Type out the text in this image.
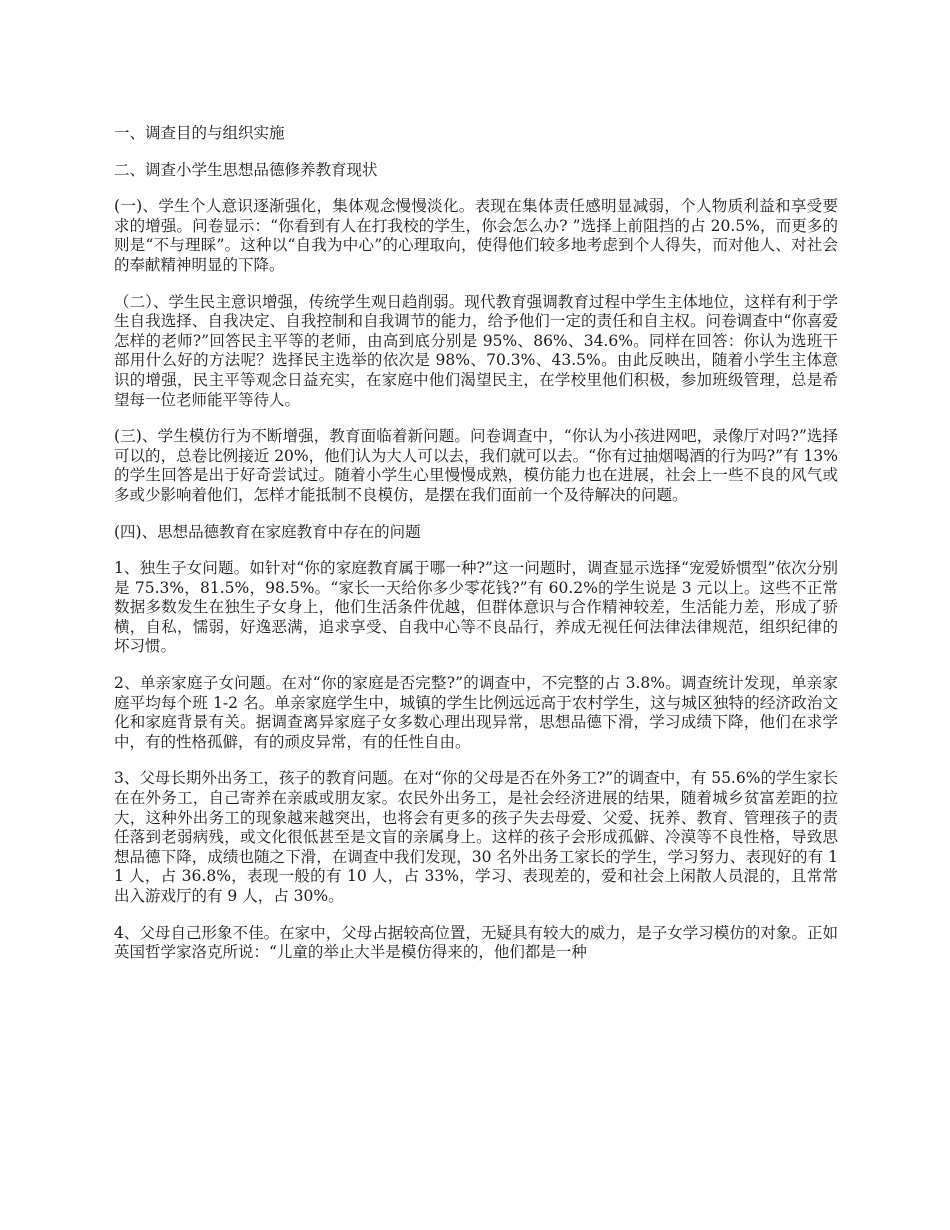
一、调查目的与组织实施

二、调查小学生思想品德修养教育现状

(一)、学生个人意识逐渐强化，集体观念慢慢淡化。表现在集体责任感明显减弱，个人物质利益和享受要求的增强。问卷显示：“你看到有人在打我校的学生，你会怎么办? ”选择上前阻挡的占 20.5%，而更多的则是“不与理睬”。这种以“自我为中心”的心理取向，使得他们较多地考虑到个人得失，而对他人、对社会的奉献精神明显的下降。

（二）、学生民主意识增强，传统学生观日趋削弱。现代教育强调教育过程中学生主体地位，这样有利于学生自我选择、自我决定、自我控制和自我调节的能力，给予他们一定的责任和自主权。问卷调查中“你喜爱怎样的老师?”回答民主平等的老师，由高到底分别是 95%、86%、34.6%。同样在回答：你认为选班干部用什么好的方法呢？选择民主选举的依次是 98%、70.3%、43.5%。由此反映出，随着小学生主体意识的增强，民主平等观念日益充实，在家庭中他们渴望民主，在学校里他们积极，参加班级管理，总是希望每一位老师能平等待人。

(三)、学生模仿行为不断增强，教育面临着新问题。问卷调查中，“你认为小孩进网吧，录像厅对吗?”选择可以的，总卷比例接近 20%，他们认为大人可以去，我们就可以去。“你有过抽烟喝酒的行为吗?”有 13%的学生回答是出于好奇尝试过。随着小学生心里慢慢成熟，模仿能力也在进展，社会上一些不良的风气或多或少影响着他们，怎样才能抵制不良模仿，是摆在我们面前一个及待解决的问题。

(四)、思想品德教育在家庭教育中存在的问题

1、独生子女问题。如针对“你的家庭教育属于哪一种?”这一问题时，调查显示选择“宠爱娇惯型”依次分别是 75.3%，81.5%，98.5%。“家长一天给你多少零花钱?”有 60.2%的学生说是 3 元以上。这些不正常数据多数发生在独生子女身上，他们生活条件优越，但群体意识与合作精神较差，生活能力差，形成了骄横，自私，懦弱，好逸恶满，追求享受、自我中心等不良品行，养成无视任何法律法律规范，组织纪律的坏习惯。

2、单亲家庭子女问题。在对“你的家庭是否完整?”的调查中，不完整的占 3.8%。调查统计发现，单亲家庭平均每个班 1-2 名。单亲家庭学生中，城镇的学生比例远远高于农村学生，这与城区独特的经济政治文化和家庭背景有关。据调查离异家庭子女多数心理出现异常，思想品德下滑，学习成绩下降，他们在求学中，有的性格孤僻，有的顽皮异常，有的任性自由。

3、父母长期外出务工，孩子的教育问题。在对“你的父母是否在外务工?”的调查中，有 55.6%的学生家长在在外务工，自己寄养在亲戚或朋友家。农民外出务工，是社会经济进展的结果，随着城乡贫富差距的拉大，这种外出务工的现象越来越突出，也将会有更多的孩子失去母爱、父爱、抚养、教育、管理孩子的责任落到老弱病残，或文化很低甚至是文盲的亲属身上。这样的孩子会形成孤僻、冷漠等不良性格，导致思想品德下降，成绩也随之下滑，在调查中我们发现，30 名外出务工家长的学生，学习努力、表现好的有 11 人，占 36.8%，表现一般的有 10 人，占 33%，学习、表现差的，爱和社会上闲散人员混的，且常常出入游戏厅的有 9 人，占 30%。

4、父母自己形象不佳。在家中，父母占据较高位置，无疑具有较大的威力，是子女学习模仿的对象。正如英国哲学家洛克所说：“儿童的举止大半是模仿得来的，他们都是一种
